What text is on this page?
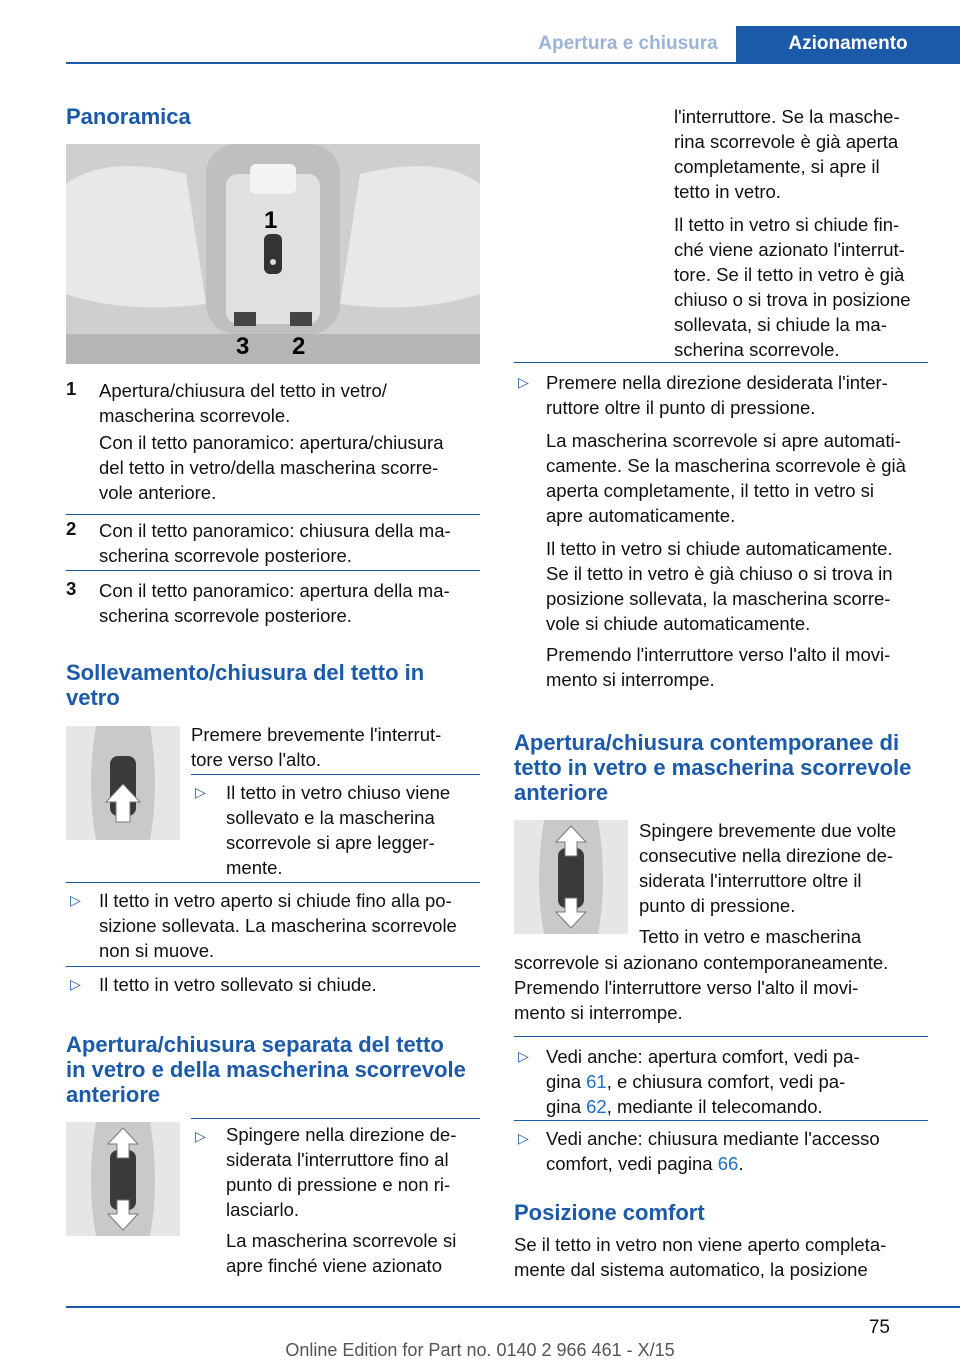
Apertura e chiusura	Azionamento
Panoramica
1
2
3
1 Apertura/chiusura del tetto in vetro/
mascherina scorrevole.
Con il tetto panoramico: apertura/chiusura
del tetto in vetro/della mascherina scorre‐
vole anteriore.
2 Con il tetto panoramico: chiusura della ma‐
scherina scorrevole posteriore.
3 Con il tetto panoramico: apertura della ma‐
scherina scorrevole posteriore.
Sollevamento/chiusura del tetto in
vetro
Premere brevemente l'interrut‐
tore verso l'alto.
▷ Il tetto in vetro chiuso viene
sollevato e la mascherina
scorrevole si apre legger‐
mente.
▷ Il tetto in vetro aperto si chiude fino alla po‐
sizione sollevata. La mascherina scorrevole
non si muove.
▷ Il tetto in vetro sollevato si chiude.
Apertura/chiusura separata del tetto
in vetro e della mascherina scorrevole
anteriore
▷ Spingere nella direzione de‐
siderata l'interruttore fino al
punto di pressione e non ri‐
lasciarlo.
La mascherina scorrevole si
apre finché viene azionato
l'interruttore. Se la masche‐
rina scorrevole è già aperta
completamente, si apre il
tetto in vetro.
Il tetto in vetro si chiude fin‐
ché viene azionato l'interrut‐
tore. Se il tetto in vetro è già
chiuso o si trova in posizione
sollevata, si chiude la ma‐
scherina scorrevole.
▷ Premere nella direzione desiderata l'inter‐
ruttore oltre il punto di pressione.
La mascherina scorrevole si apre automati‐
camente. Se la mascherina scorrevole è già
aperta completamente, il tetto in vetro si
apre automaticamente.
Il tetto in vetro si chiude automaticamente.
Se il tetto in vetro è già chiuso o si trova in
posizione sollevata, la mascherina scorre‐
vole si chiude automaticamente.
Premendo l'interruttore verso l'alto il movi‐
mento si interrompe.
Apertura/chiusura contemporanee di
tetto in vetro e mascherina scorrevole
anteriore
Spingere brevemente due volte
consecutive nella direzione de‐
siderata l'interruttore oltre il
punto di pressione.
Tetto in vetro e mascherina
scorrevole si azionano contemporaneamente.
Premendo l'interruttore verso l'alto il movi‐
mento si interrompe.
▷ Vedi anche: apertura comfort, vedi pa‐
gina 61, e chiusura comfort, vedi pa‐
gina 62, mediante il telecomando.
▷ Vedi anche: chiusura mediante l'accesso
comfort, vedi pagina 66.
Posizione comfort
Se il tetto in vetro non viene aperto completa‐
mente dal sistema automatico, la posizione
75
Online Edition for Part no. 0140 2 966 461 - X/15
